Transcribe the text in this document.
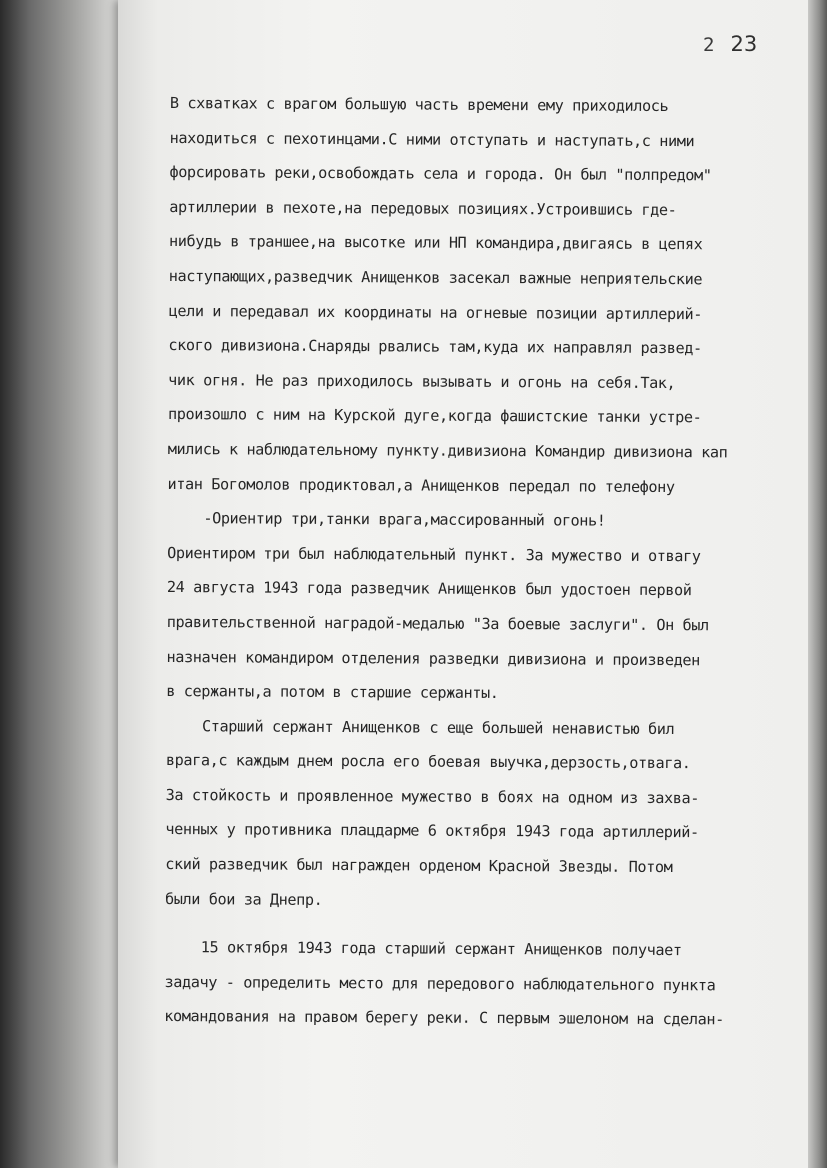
2 23
В схватках с врагом большую часть времени ему приходилось
находиться с пехотинцами.С ними отступать и наступать,с ними
форсировать реки,освобождать села и города. Он был "полпредом"
артиллерии в пехоте,на передовых позициях.Устроившись где-
нибудь в траншее,на высотке или НП командира,двигаясь в цепях
наступающих,разведчик Анищенков засекал важные неприятельские
цели и передавал их координаты на огневые позиции артиллерий-
ского дивизиона.Снаряды рвались там,куда их направлял развед-
чик огня. Не раз приходилось вызывать и огонь на себя.Так,
произошло с ним на Курской дуге,когда фашистские танки устре-
мились к наблюдательному пункту.дивизиона Командир дивизиона кап
итан Богомолов продиктовал,а Анищенков передал по телефону
-Ориентир три,танки врага,массированный огонь!
Ориентиром три был наблюдательный пункт. За мужество и отвагу
24 августа 1943 года разведчик Анищенков был удостоен первой
правительственной наградой-медалью "За боевые заслуги". Он был
назначен командиром отделения разведки дивизиона и произведен
в сержанты,а потом в старшие сержанты.
Старший сержант Анищенков с еще большей ненавистью бил
врага,с каждым днем росла его боевая выучка,дерзость,отвага.
За стойкость и проявленное мужество в боях на одном из захва-
ченных у противника плацдарме 6 октября 1943 года артиллерий-
ский разведчик был награжден орденом Красной Звезды. Потом
были бои за Днепр.
15 октября 1943 года старший сержант Анищенков получает
задачу - определить место для передового наблюдательного пункта
командования на правом берегу реки. С первым эшелоном на сделан-
